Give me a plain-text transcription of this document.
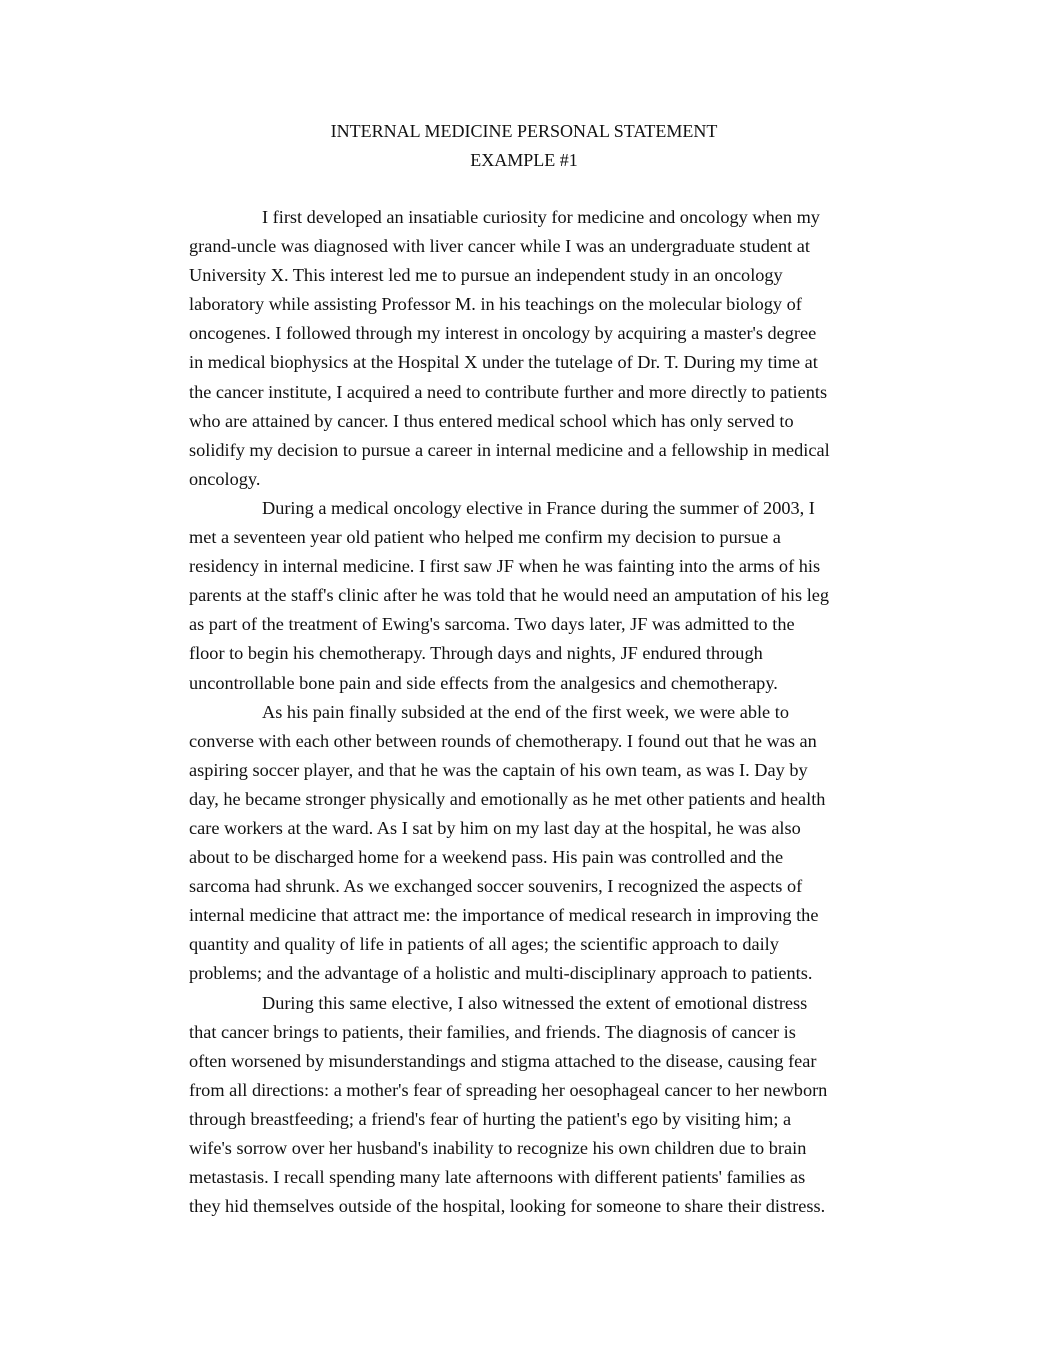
INTERNAL MEDICINE PERSONAL STATEMENT
EXAMPLE #1
I first developed an insatiable curiosity for medicine and oncology when my
grand-uncle was diagnosed with liver cancer while I was an undergraduate student at
University X. This interest led me to pursue an independent study in an oncology
laboratory while assisting Professor M. in his teachings on the molecular biology of
oncogenes. I followed through my interest in oncology by acquiring a master's degree
in medical biophysics at the Hospital X under the tutelage of Dr. T. During my time at
the cancer institute, I acquired a need to contribute further and more directly to patients
who are attained by cancer. I thus entered medical school which has only served to
solidify my decision to pursue a career in internal medicine and a fellowship in medical
oncology.
During a medical oncology elective in France during the summer of 2003, I
met a seventeen year old patient who helped me confirm my decision to pursue a
residency in internal medicine. I first saw JF when he was fainting into the arms of his
parents at the staff's clinic after he was told that he would need an amputation of his leg
as part of the treatment of Ewing's sarcoma. Two days later, JF was admitted to the
floor to begin his chemotherapy. Through days and nights, JF endured through
uncontrollable bone pain and side effects from the analgesics and chemotherapy.
As his pain finally subsided at the end of the first week, we were able to
converse with each other between rounds of chemotherapy. I found out that he was an
aspiring soccer player, and that he was the captain of his own team, as was I. Day by
day, he became stronger physically and emotionally as he met other patients and health
care workers at the ward. As I sat by him on my last day at the hospital, he was also
about to be discharged home for a weekend pass. His pain was controlled and the
sarcoma had shrunk. As we exchanged soccer souvenirs, I recognized the aspects of
internal medicine that attract me: the importance of medical research in improving the
quantity and quality of life in patients of all ages; the scientific approach to daily
problems; and the advantage of a holistic and multi-disciplinary approach to patients.
During this same elective, I also witnessed the extent of emotional distress
that cancer brings to patients, their families, and friends. The diagnosis of cancer is
often worsened by misunderstandings and stigma attached to the disease, causing fear
from all directions: a mother's fear of spreading her oesophageal cancer to her newborn
through breastfeeding; a friend's fear of hurting the patient's ego by visiting him; a
wife's sorrow over her husband's inability to recognize his own children due to brain
metastasis. I recall spending many late afternoons with different patients' families as
they hid themselves outside of the hospital, looking for someone to share their distress.
